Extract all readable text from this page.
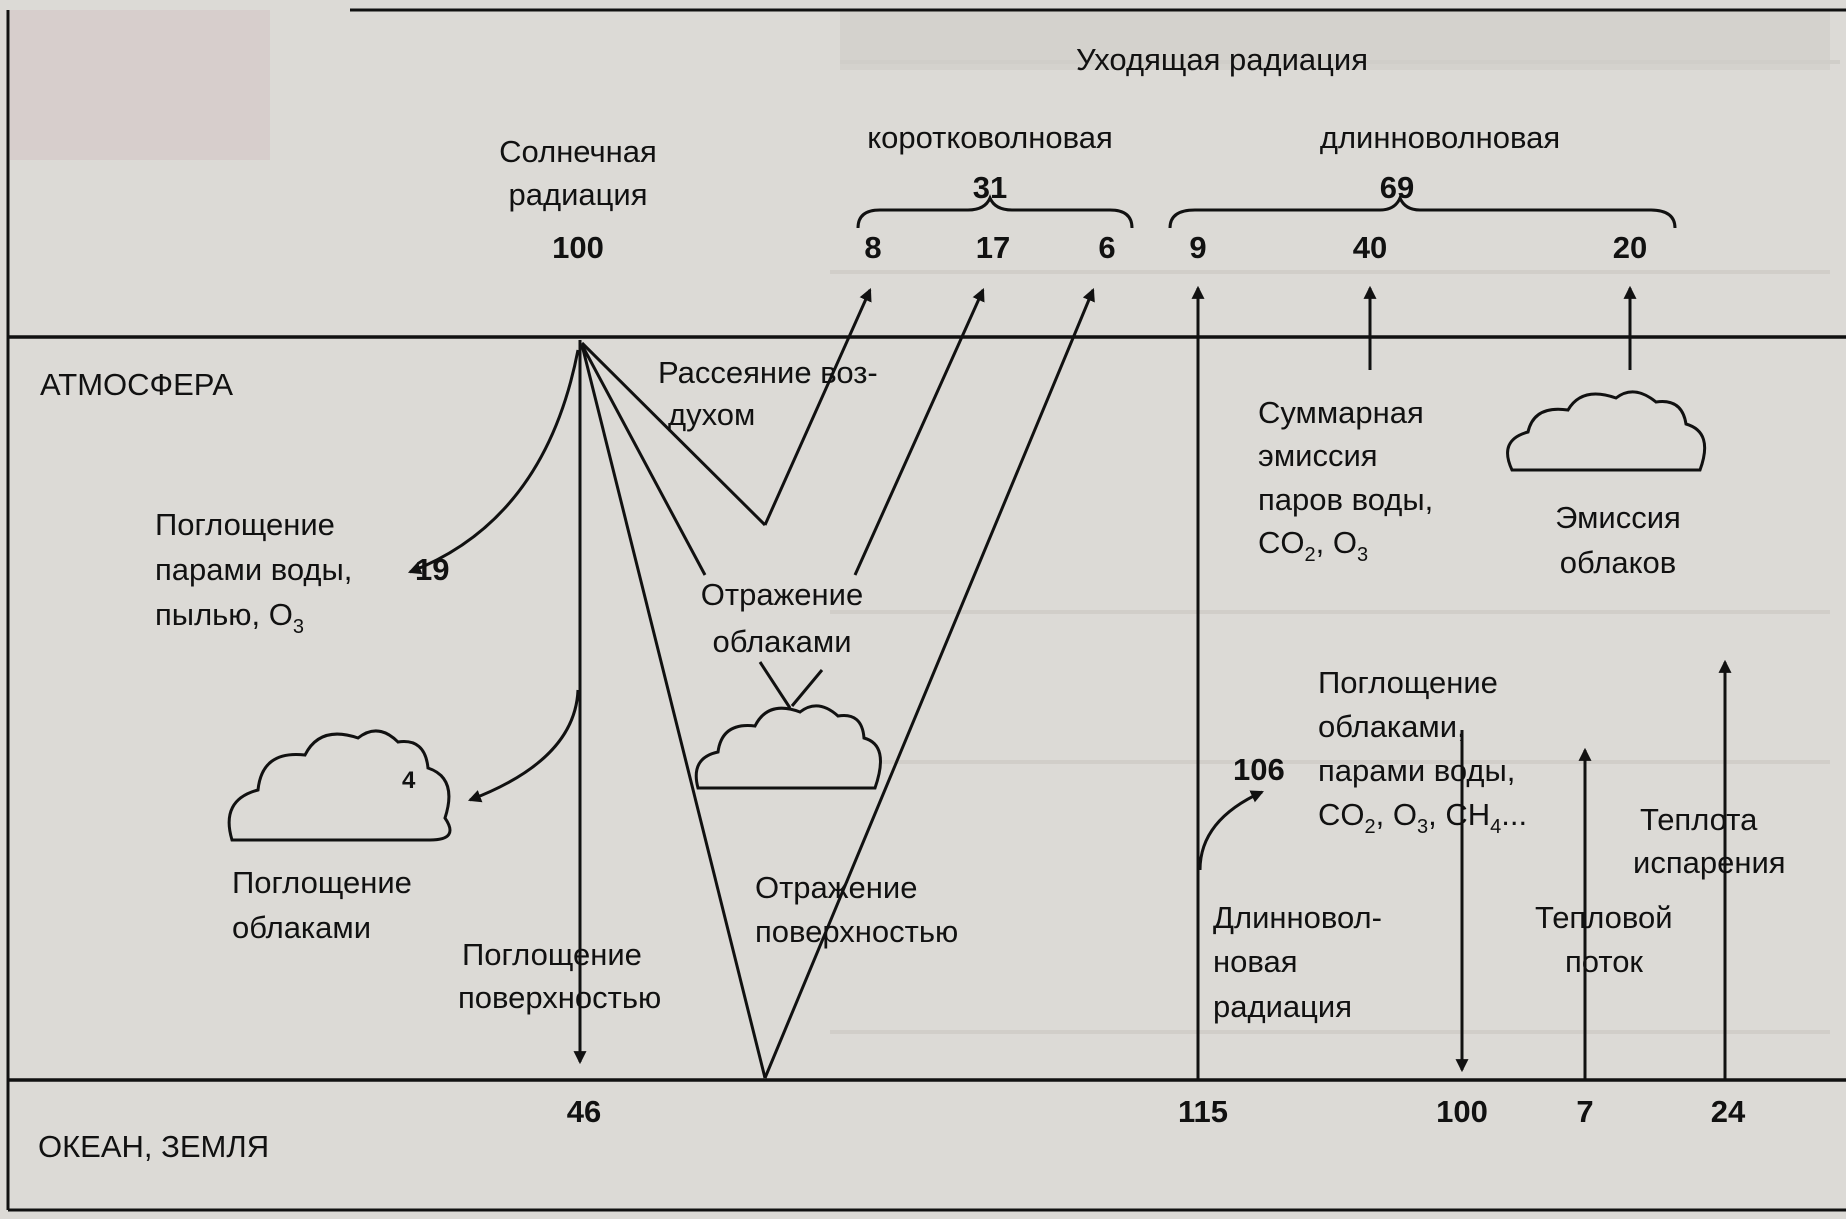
Уходящая радиация
Солнечная
радиация
коротковолновая	длинноволновая
31	69
100	8	17	6 9	40	20
АТМОСФЕРА	Рассеяние воз-
духом
Поглощение
парами воды, 19
пылью, $O_3$
Отражение
облаками
4
Поглощение
облаками
Поглощение
поверхностью
Отражение
поверхностью
Суммарная
эмиссия
паров воды,
$CO_2$, $O_3$
Эмиссия
облаков
Поглощение
облаками,
парами воды,
$CO_2$, $O_3$, $CH_4$...
106
Длинновол-
новая
радиация
Тепловой
поток
Теплота
испарения
46	115	100	7	24
ОКЕАН, ЗЕМЛЯ
